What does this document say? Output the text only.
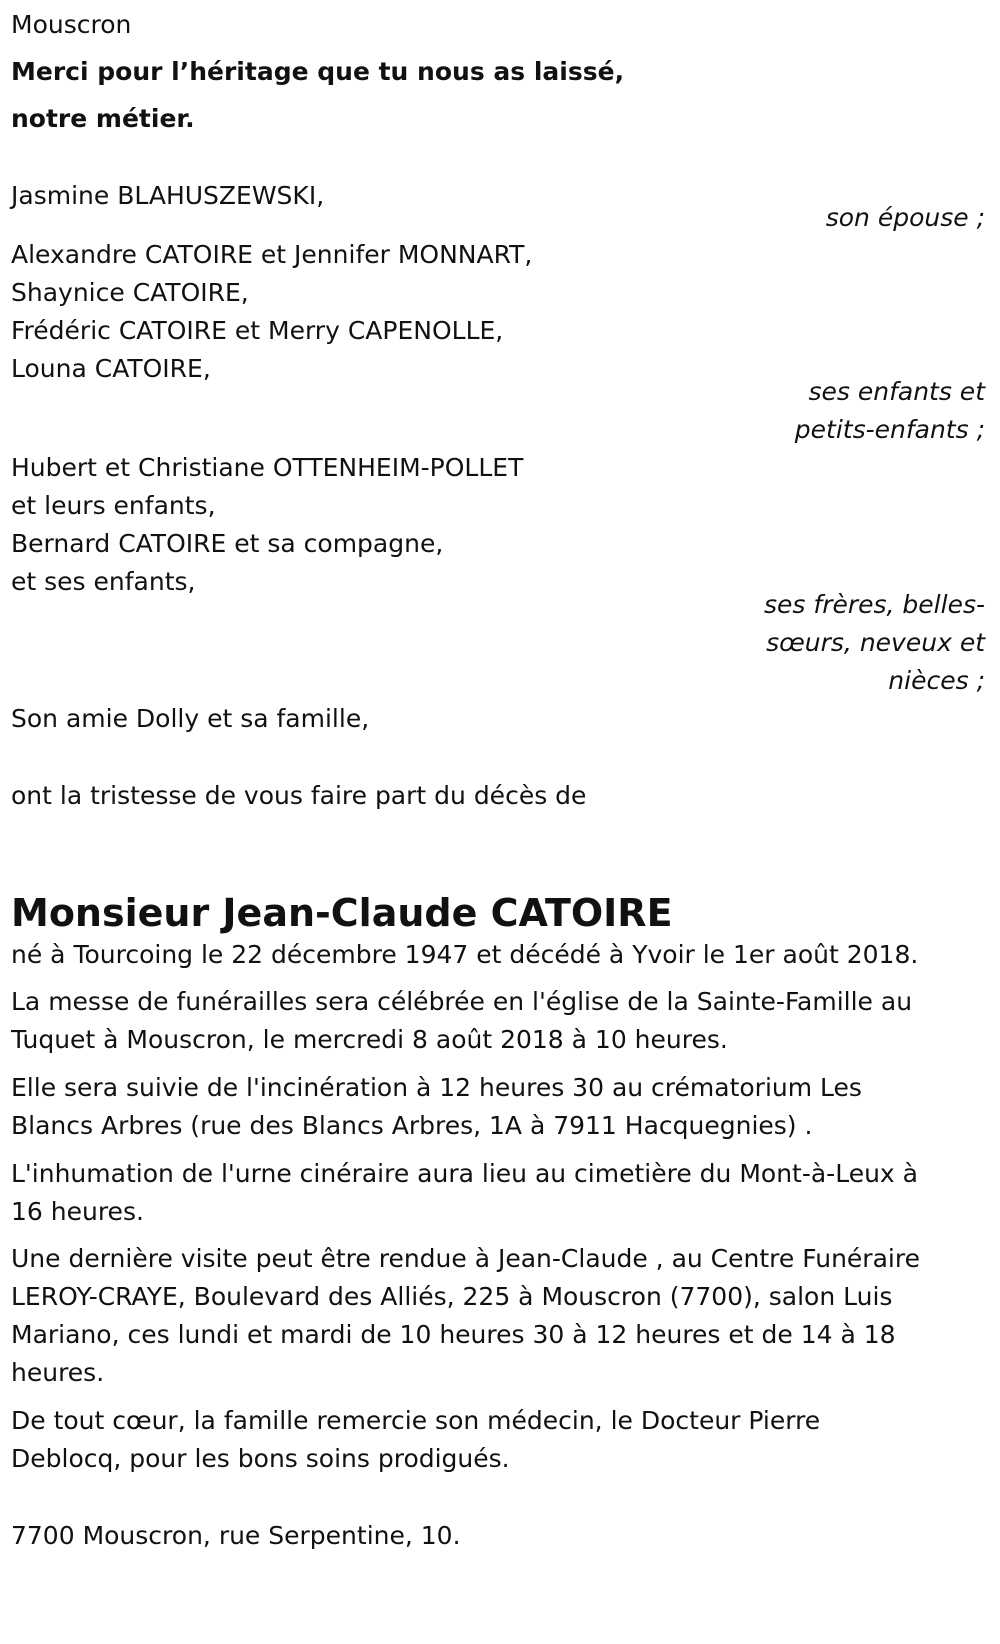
Mouscron

Merci pour l’héritage que tu nous as laissé,

notre métier.

Jasmine BLAHUSZEWSKI,

son épouse ;

Alexandre CATOIRE et Jennifer MONNART,

Shaynice CATOIRE,

Frédéric CATOIRE et Merry CAPENOLLE,

Louna CATOIRE,

ses enfants et

petits-enfants ;

Hubert et Christiane OTTENHEIM-POLLET

et leurs enfants,

Bernard CATOIRE et sa compagne,

et ses enfants,

ses frères, belles-

sœurs, neveux et

nièces ;

Son amie Dolly et sa famille,

ont la tristesse de vous faire part du décès de

Monsieur Jean-Claude CATOIRE

né à Tourcoing le 22 décembre 1947 et décédé à Yvoir le 1er août 2018.

La messe de funérailles sera célébrée en l'église de la Sainte-Famille au

Tuquet à Mouscron, le mercredi 8 août 2018 à 10 heures.

Elle sera suivie de l'incinération à 12 heures 30 au crématorium Les

Blancs Arbres (rue des Blancs Arbres, 1A à 7911 Hacquegnies) .

L'inhumation de l'urne cinéraire aura lieu au cimetière du Mont-à-Leux à

16 heures.

Une dernière visite peut être rendue à Jean-Claude , au Centre Funéraire

LEROY-CRAYE, Boulevard des Alliés, 225 à Mouscron (7700), salon Luis

Mariano, ces lundi et mardi de 10 heures 30 à 12 heures et de 14 à 18

heures.

De tout cœur, la famille remercie son médecin, le Docteur Pierre

Deblocq, pour les bons soins prodigués.

7700 Mouscron, rue Serpentine, 10.
